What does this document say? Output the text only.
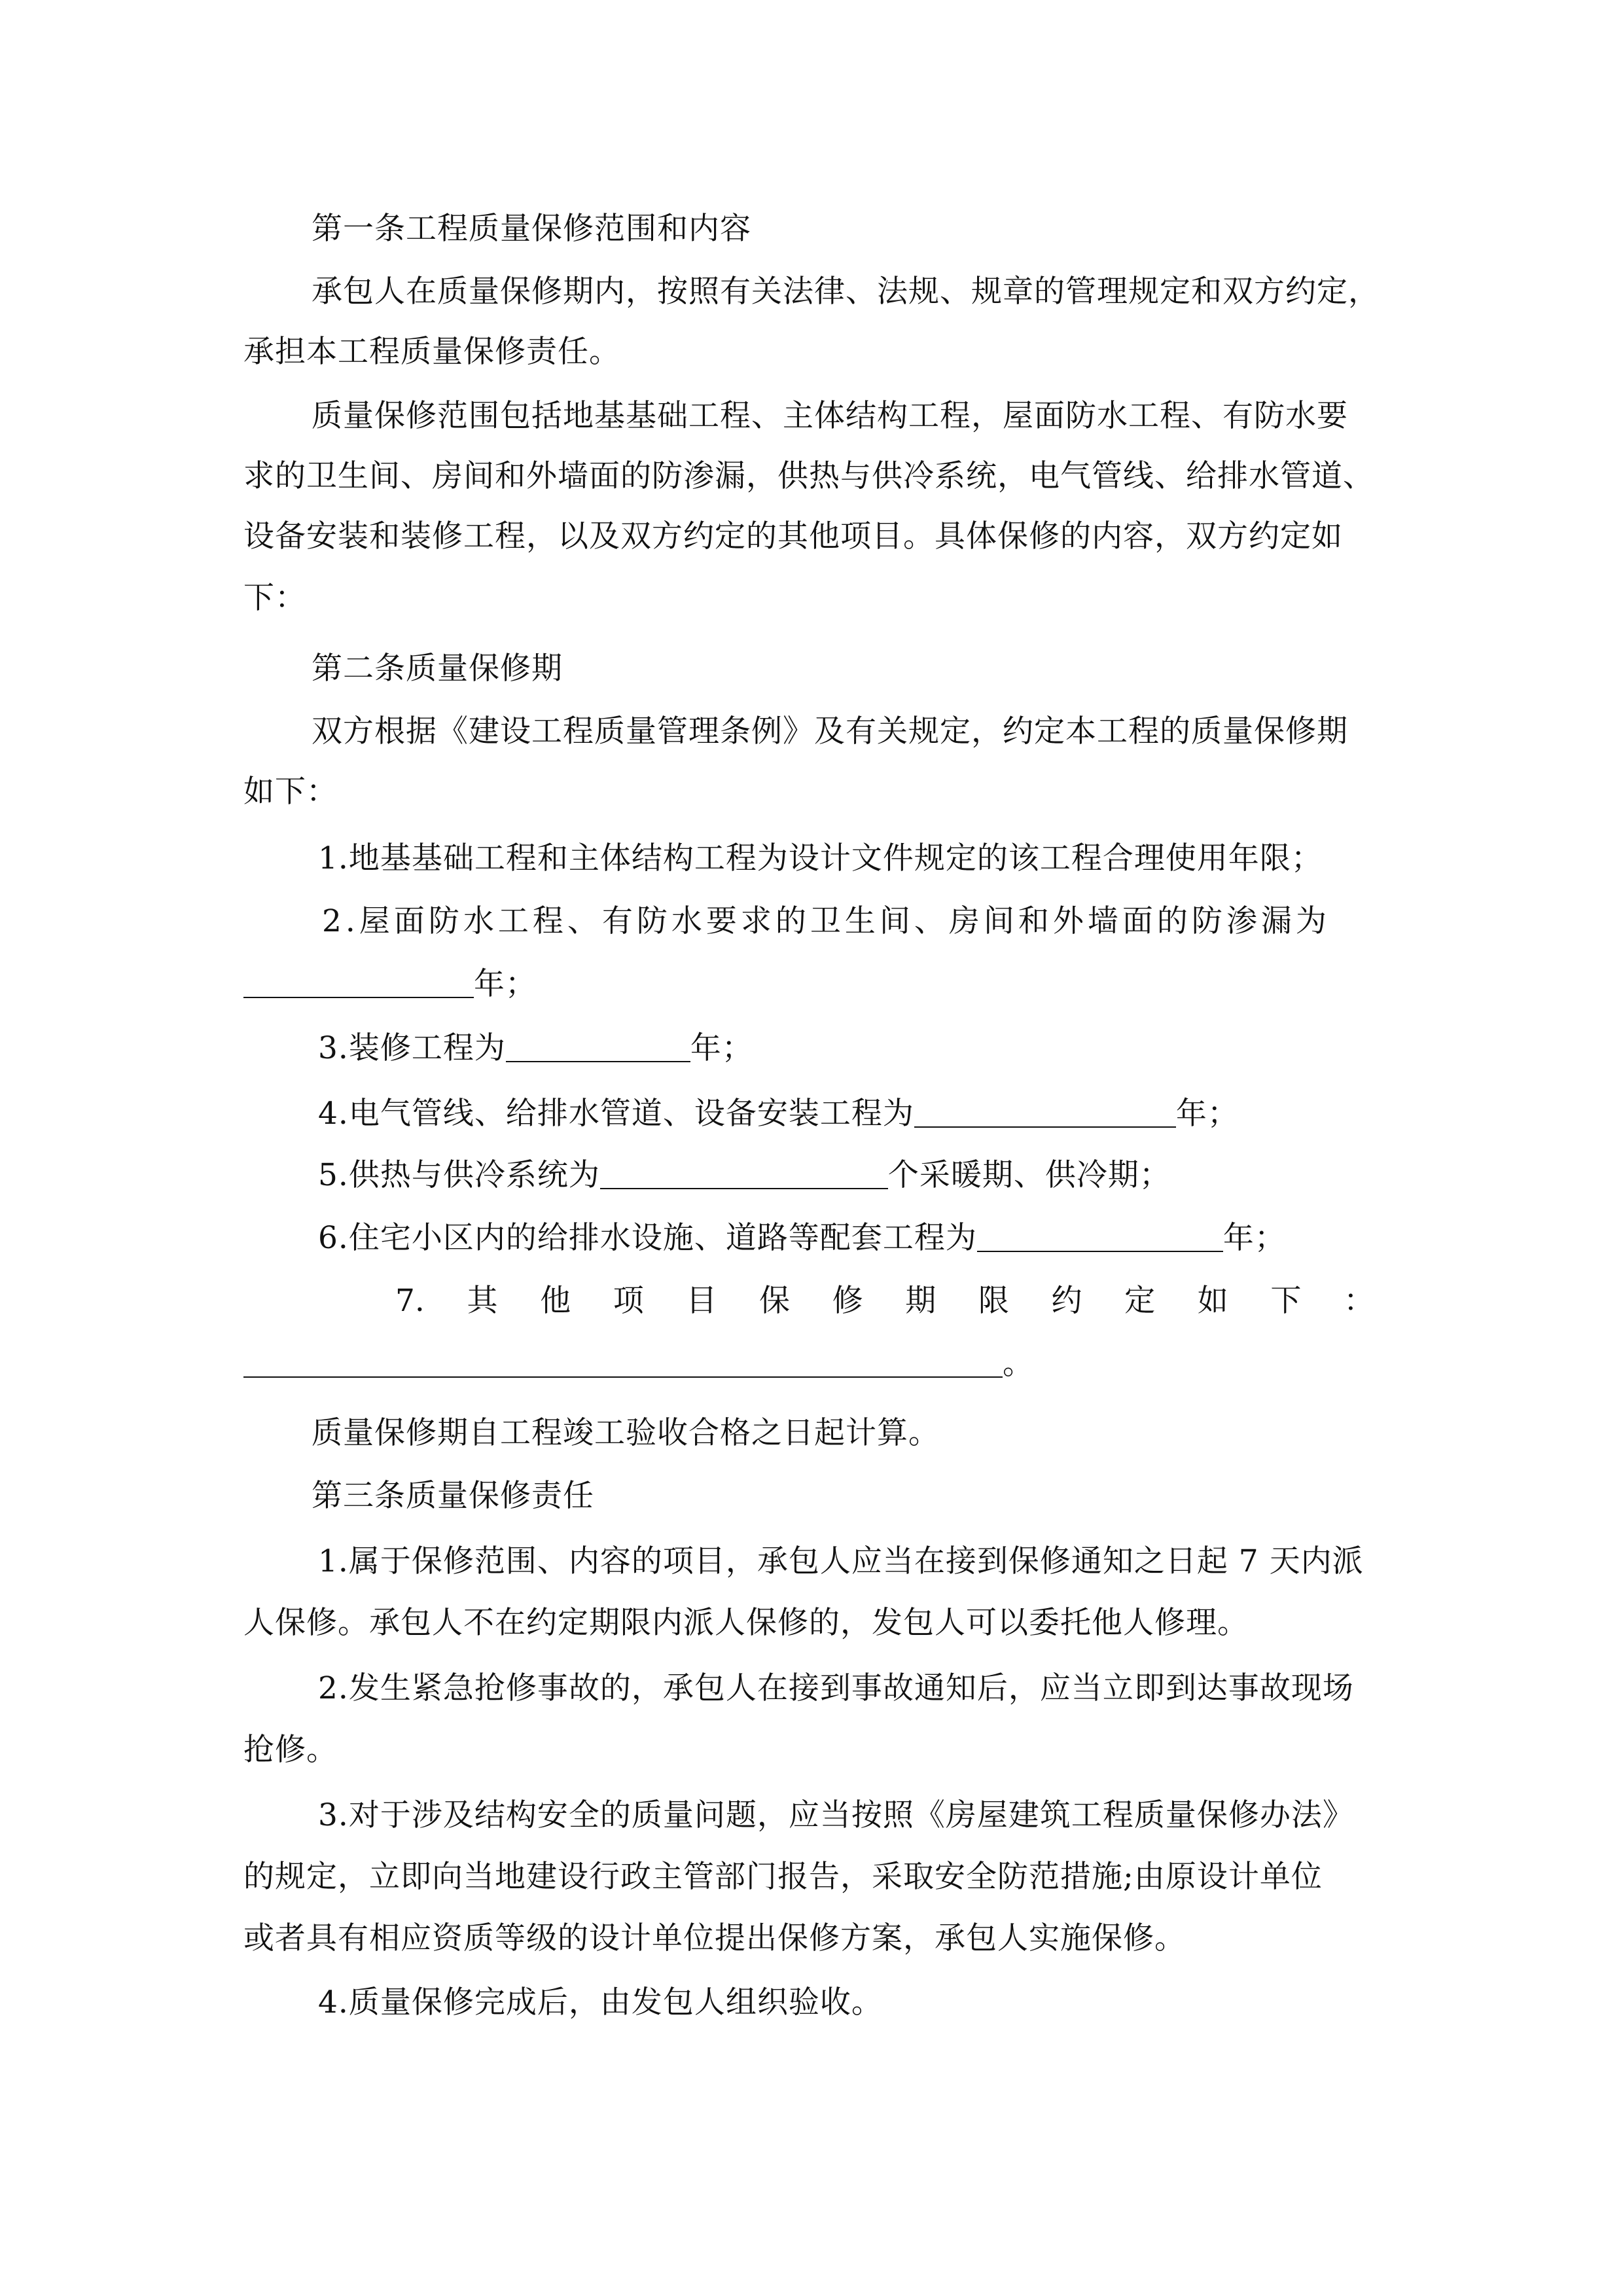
第一条工程质量保修范围和内容
承包人在质量保修期内，按照有关法律、法规、规章的管理规定和双方约定，
承担本工程质量保修责任。
质量保修范围包括地基基础工程、主体结构工程，屋面防水工程、有防水要
求的卫生间、房间和外墙面的防渗漏，供热与供冷系统，电气管线、给排水管道、
设备安装和装修工程，以及双方约定的其他项目。具体保修的内容，双方约定如
下：
第二条质量保修期
双方根据《建设工程质量管理条例》及有关规定，约定本工程的质量保修期
如下：
1.地基基础工程和主体结构工程为设计文件规定的该工程合理使用年限；
2.屋面防水工程、有防水要求的卫生间、房间和外墙面的防渗漏为
年；
3.装修工程为	年；
4.电气管线、给排水管道、设备安装工程为	年；
5.供热与供冷系统为	个采暖期、供冷期；
6.住宅小区内的给排水设施、道路等配套工程为	年；
7. 其 他 项 目 保 修 期 限 约 定 如 下 ：
。
质量保修期自工程竣工验收合格之日起计算。
第三条质量保修责任
1.属于保修范围、内容的项目，承包人应当在接到保修通知之日起 7 天内派
人保修。承包人不在约定期限内派人保修的，发包人可以委托他人修理。
2.发生紧急抢修事故的，承包人在接到事故通知后，应当立即到达事故现场
抢修。
3.对于涉及结构安全的质量问题，应当按照《房屋建筑工程质量保修办法》
的规定，立即向当地建设行政主管部门报告，采取安全防范措施;由原设计单位
或者具有相应资质等级的设计单位提出保修方案，承包人实施保修。
4.质量保修完成后，由发包人组织验收。
